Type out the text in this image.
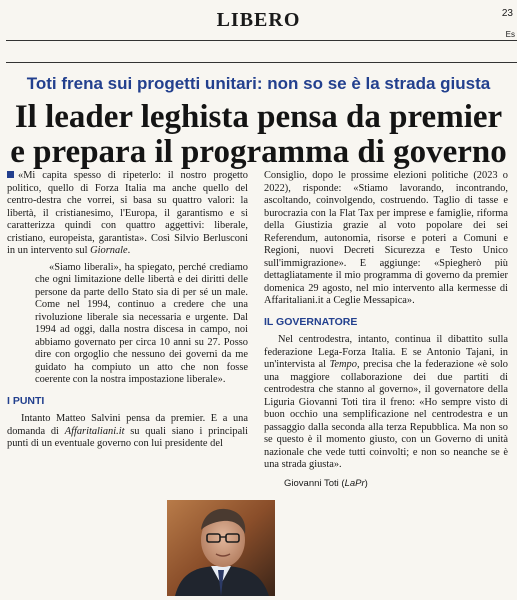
LIBERO	23
Es
Toti frena sui progetti unitari: non so se è la strada giusta
Il leader leghista pensa da premier
e prepara il programma di governo

«Mi capita spesso di ripeterlo: il nostro progetto politico, quello di Forza Italia ma anche quello del centro-destra che vorrei, si basa su quattro valori: la libertà, il cristianesimo, l'Europa, il garantismo e si caratterizza quindi con quattro aggettivi: liberale, cristiano, europeista, garantista». Così Silvio Berlusconi in un intervento sul Giornale.

«Siamo liberali», ha spiegato, perché crediamo che ogni limitazione delle libertà e dei diritti delle persone da parte dello Stato sia di per sé un male. Come nel 1994, continuo a credere che una rivoluzione liberale sia necessaria e urgente. Dal 1994 ad oggi, dalla nostra discesa in campo, noi abbiamo governato per circa 10 anni su 27. Posso dire con orgoglio che nessuno dei governi da me guidato ha compiuto un atto che non fosse coerente con la nostra impostazione liberale».

I PUNTI

Intanto Matteo Salvini pensa da premier. E a una domanda di Affaritaliani.it su quali siano i principali punti di un eventuale governo con lui presidente del

Consiglio, dopo le prossime elezioni politiche (2023 o 2022), risponde: «Stiamo lavorando, incontrando, ascoltando, coinvolgendo, costruendo. Taglio di tasse e burocrazia con la Flat Tax per imprese e famiglie, riforma della Giustizia grazie al voto popolare dei sei Referendum, autonomia, risorse e poteri a Comuni e Regioni, nuovi Decreti Sicurezza e Testo Unico sull'immigrazione». E aggiunge: «Spiegherò più dettagliatamente il mio programma di governo da premier domenica 29 agosto, nel mio intervento alla kermesse di Affaritaliani.it a Ceglie Messapica».

IL GOVERNATORE

Nel centrodestra, intanto, continua il dibattito sulla federazione Lega-Forza Italia. E se Antonio Tajani, in un'intervista al Tempo, precisa che la federazione «è solo una maggiore collaborazione dei due partiti di centrodestra che stanno al governo», il governatore della Liguria Giovanni Toti tira il freno: «Ho sempre visto di buon occhio una semplificazione nel centrodestra e un passaggio dalla seconda alla terza Repubblica. Ma non so se questo è il momento giusto, con un Governo di unità nazionale che vede tutti coinvolti; e non so neanche se è una strada giusta».

Giovanni Toti (LaPr)
